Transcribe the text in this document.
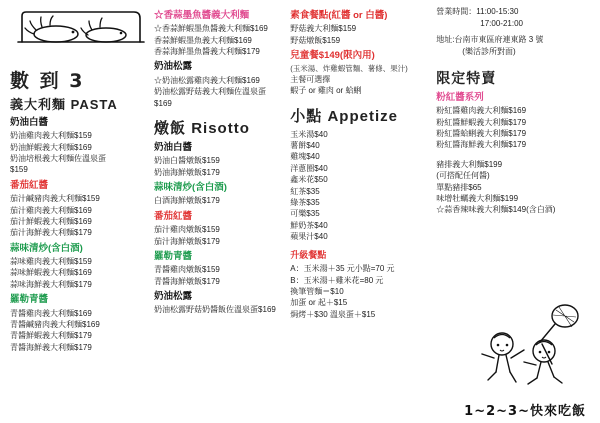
數 到 3
義大利麵 PASTA
奶油白醬
奶油雞肉義大利麵$159
奶油鮮蝦義大利麵$169
奶油培根義大利麵佐溫泉蛋
$159
番茄紅醬
茄汁鹹豬肉義大利麵$159
茄汁雞肉義大利麵$169
茄汁鮮蝦義大利麵$169
茄汁海鮮義大利麵$179
蒜味清炒(含白酒)
蒜味雞肉義大利麵$159
蒜味鮮蝦義大利麵$169
蒜味海鮮義大利麵$179
羅勒青醬
青醬雞肉義大利麵$169
青醬鹹豬肉義大利麵$169
青醬鮮蝦義大利麵$179
青醬海鮮義大利麵$179
☆香蒜墨魚醬義大利麵
☆香蒜鮮蝦墨魚醬義大利麵$169
香蒜鮮蝦墨魚義大利麵$169
香蒜海鮮墨魚醬義大利麵$179
奶油松露
☆奶油松露雞肉義大利麵$169
奶油松露野菇義大利麵佐溫泉蛋
$169
燉飯 Risotto
奶油白醬
奶油白醬燉飯$159
奶油海鮮燉飯$179
蒜味清炒(含白酒)
白酒海鮮燉飯$179
番茄紅醬
茄汁雞肉燉飯$159
茄汁海鮮燉飯$179
羅勒青醬
青醬雞肉燉飯$159
青醬海鮮燉飯$179
奶油松露
奶油松露野菇奶醬飯佐溫泉蛋$169
素食餐點(紅醬 or 白醬)
野菇義大利麵$159
野菇燉飯$159
兒童餐$149(限內用)
(玉米湯、炸雞蝦管麵、薯條、果汁)
主餐可選擇
蝦子 or 雞肉 or 蛤蜊
小點 Appetize
玉米湯$40
薯餅$40
雞塊$40
洋蔥圈$40
鑫米花$50
紅茶$35
綠茶$35
可樂$35
鮮奶茶$40
蘋果汁$40
升級餐點
A：玉米湯＋35 元小點=70 元
B：玉米湯＋雞米花=80 元
換筆管麵＝$10
加蛋 or 起＋$15
焗烤＋$30 溫泉蛋＋$15
營業時間：11:00-15:30
17:00-21:00
地址:台南市東區府連東路 3 號
(樂活診所對面)
限定特賣
粉紅醬系列
粉紅醬雞肉義大利麵$169
粉紅醬鮮蝦義大利麵$179
粉紅醬蛤蜊義大利麵$179
粉紅醬海鮮義大利麵$179
豬排義大利麵$199
(可搭配任何醬)
單點豬排$65
味增牡蠣義大利麵$199
☆蒜香辣味義大利麵$149(含白酒)
1~2~3~快來吃飯
